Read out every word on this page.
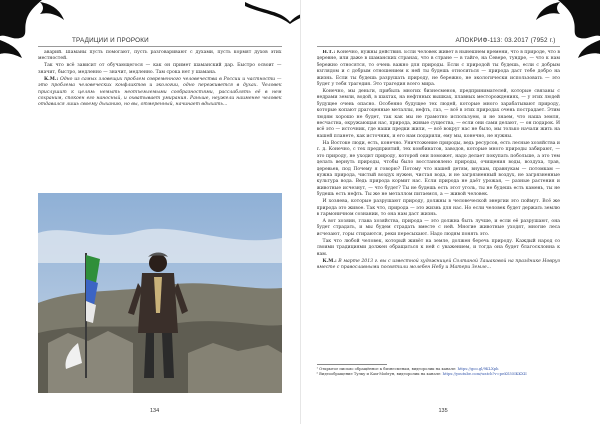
ТРАДИЦИИ И ПРОРОКИ

аварий. Шаманы пусть помогают, пусть разговаривают с духами, пусть кормят духов этих местностей.

Так что всё зависит от обучающегося — как он примет шаманский дар. Быстро освоит — значит, быстро, медленно — значит, медленно. Там срока нет у шамана.

К.М.: Одно из самых зловещих проблем современного человечества в России и частности — это проблема человеческих конфликтов и экологии, одно переживется в духах. Человек прислушит к целям: немыть неотъемлемыми сообразностями, расслаблять её в нем сохраним, спокоен его наносный, и охватывает умирания. Раньше, неужели наименее человек отдавался лишь своему дыханию, но вы, отмеренный, начинает вдыхать...

134
АПОКРИФ-113: 03.2017 (7952 г.)

Н.Т.: Конечно, нужны действия. Если человек живёт в нынешнем времени, что в природе, что в деревне, или даже в шаманских странах, что в стране — в тайге, на Севере, тундре, — что к нам бережно относятся, то очень важно для природы. Если с природой ты будешь, если с добрым взглядом и с добрым отношением к ней ты будешь относиться — природа даст тебе добро на жизнь. Если ты будешь разрушать природу, не бережно, не экологически использовать — это будет у тебя трагедия. Это трагедия всего мира.

Конечно, мы деньги, прибыль многих бизнесменов, предпринимателей, которые связаны с недрами земли, водой, в шахтах, на нефтяных вышках, плавных месторождениях, — у этих людей будущее очень опасно. Особенно будущее тех людей, которые много зарабатывают природу, которые копают драгоценные металлы, нефть, газ, — всё в этих природах очень пострадает. Этим людям хорошо не будет, так как мы не грамотно используем, и не знаем, что наша земля, несчастна, окружающая нас, природа, живые существа, — если они сами делают, — он подарок. И всё это — источник, где наши предки жили, — всё вокруг нас не было, мы только начали жить на нашей планете, как источник, и его нам подарили, ему мы, конечно, не нужны.

На Востоке люди, есть, конечно. Уничтожение природы, ведь ресурсов, есть лесные хозяйства и т. д. Конечно, с тех предприятий, тех комбинатов, заводов, которые много природы забирают, — это природу, не уходит природу, которой они поможет, надо делает покупать побольше, а это тем делать вернуть природы, чтобы было восстановлено природы, очищения воды, воздуха, трав, деревьев, под Почему я говорю? Потому что нашей детям, внукам, правнукам — потомкам — нужна природа, чистый воздух нужен, чистая вода, и не загрязненный воздух, не загрязненные культура вода. Ведь природа кормит нас. Если природа не даёт урожая, — разные растения и животные исчезнут, — что будет? Ты не будешь есть этот уголь, ты не будешь есть камень, ты не будешь есть нефть. Ты же не металлом питаемся, а — живой человек.

И хозяева, которые разрушают природу, должны в человеческой энергии это поймут. Всё же природа это живое. Так что, природа — это жизнь для нас. Но если человек будет держать землю в гармоничном сознании, то она нам даст жизнь.

А вот хозяин, глава хозяйства, природа — это должна быть лучше, и если её разрушают, она будет страдать, и мы будем страдать вместе с ней. Многие животные уходят, многие леса исчезают, горы стираются, реки пересыхают. Надо людям понять это.

Так что любой человек, который живёт на земле, должен беречь природу. Каждый народ со своими традициями должен обращаться к ней с уважением, и тогда она будет благосклонна к нам.

К.М.: В марте 2013 г. вы с известной художницей Солтаной Ташаковой на празднике Новруз вместе с православными посвятили молебен Небу и Матери Земле...

¹ Открытое письмо обращённое к бизнесменам, видеоролик на канале: https://goo.gl/9KLXph
² Видеообращение Тулку и Кам-Мойгун, видеоролик на канале: https://youtube.com/watch?v=peKS55IKKXII
135
